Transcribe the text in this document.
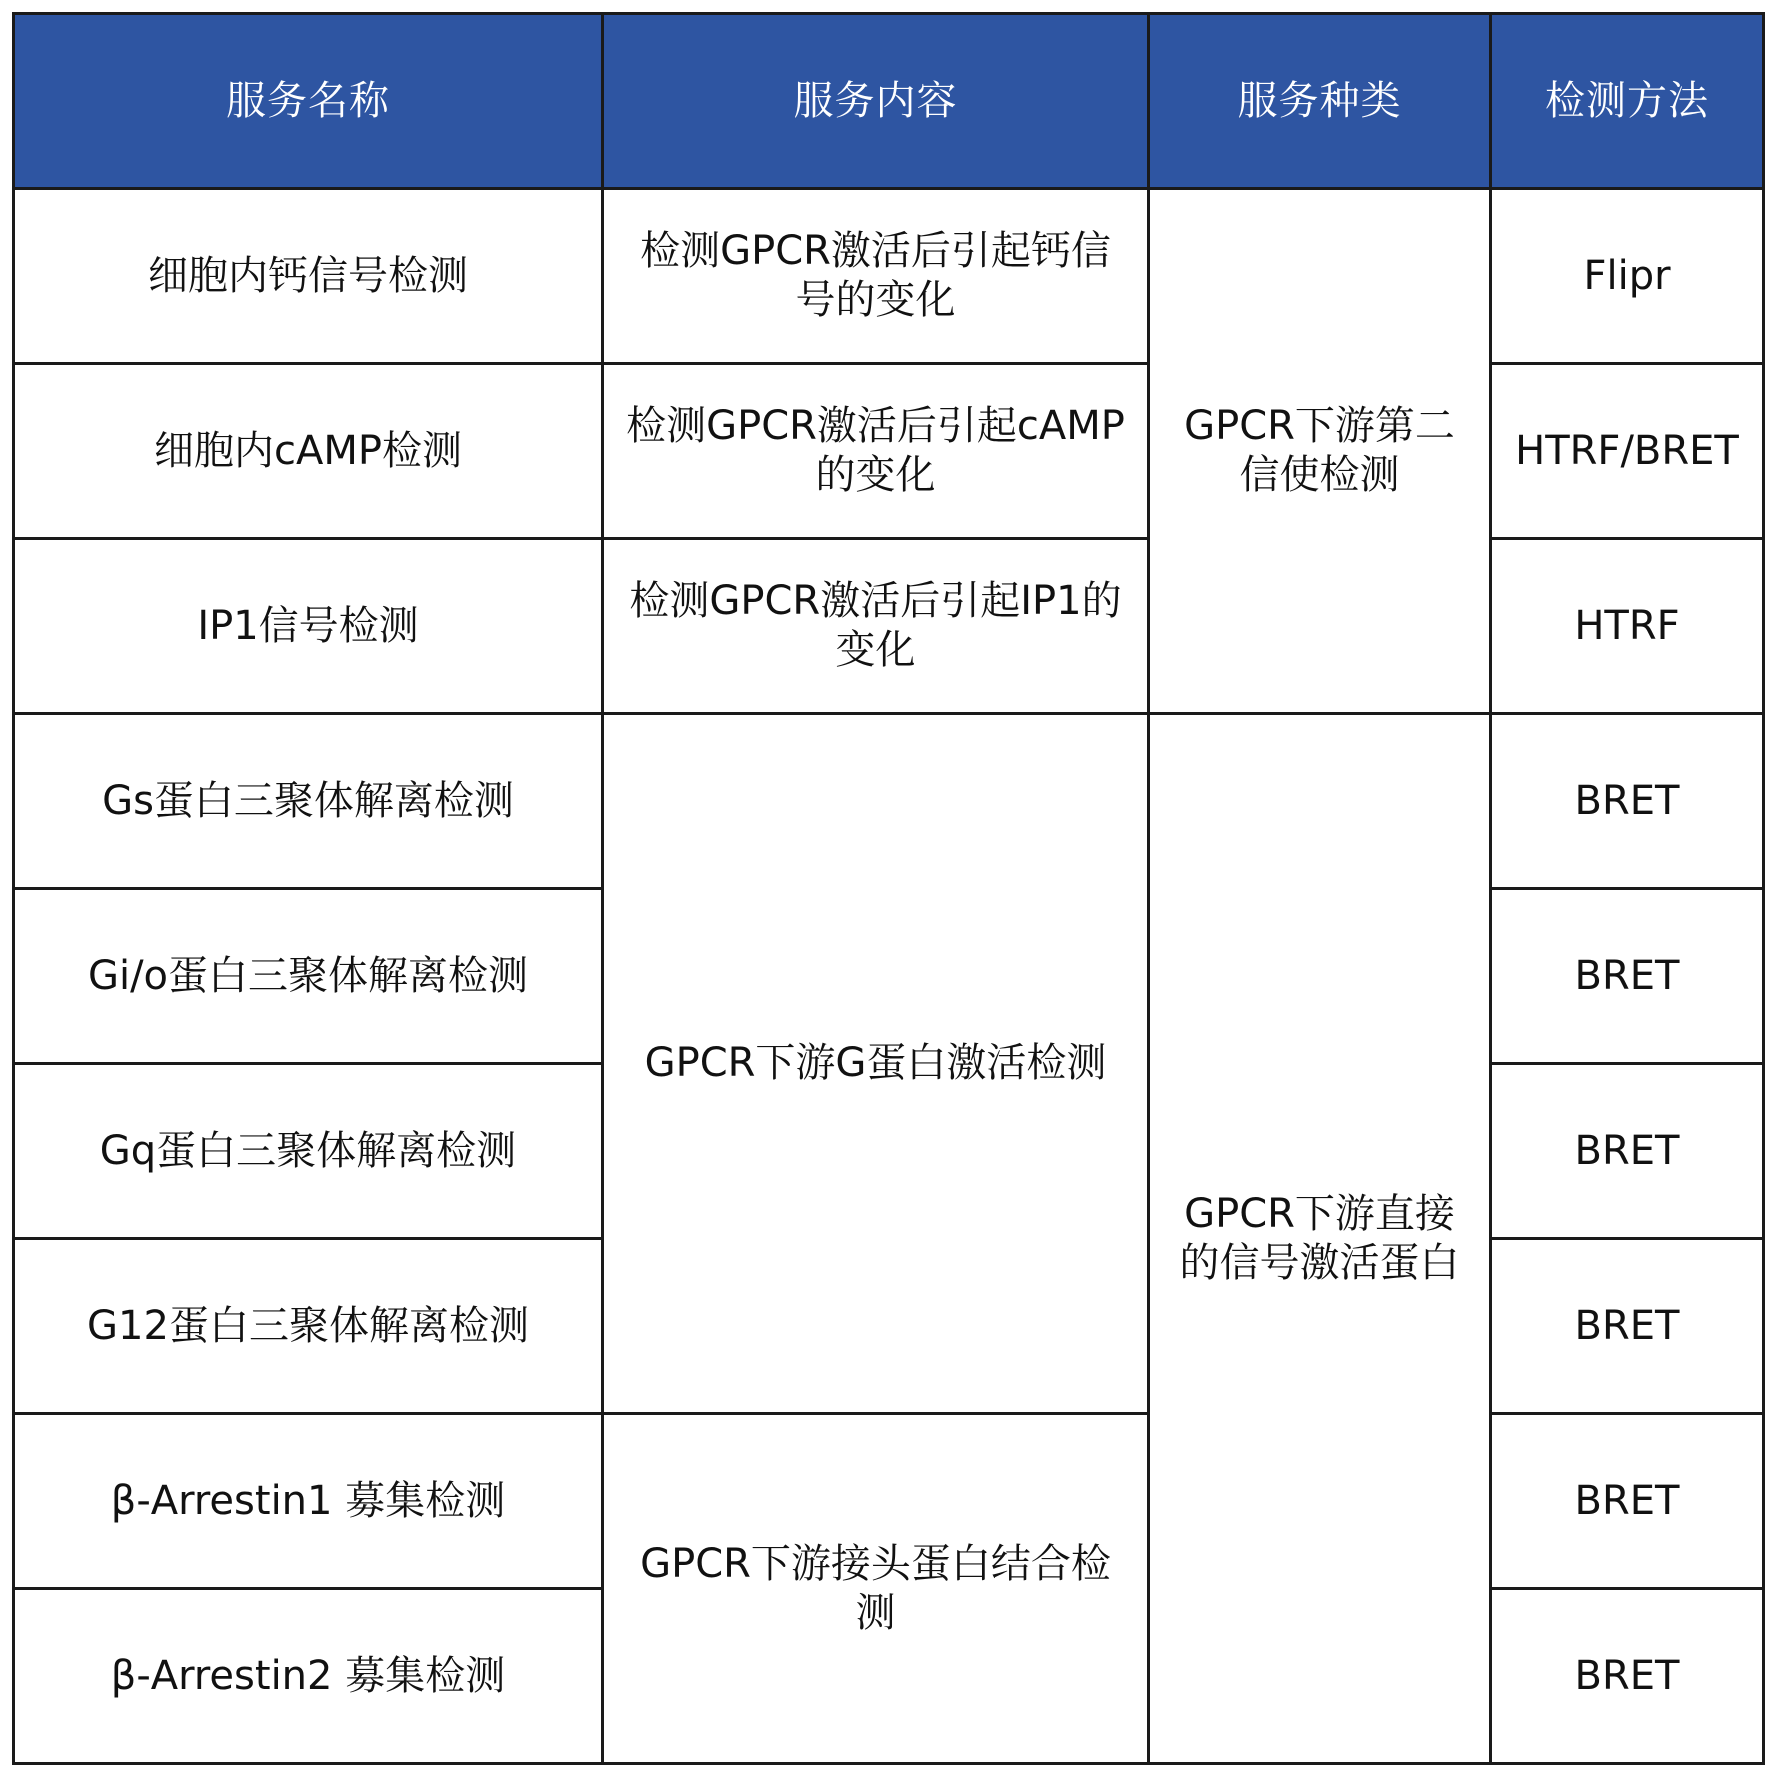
服务名称	服务内容	服务种类	检测方法
细胞内钙信号检测	检测GPCR激活后引起钙信号的变化	GPCR下游第二信使检测	Flipr
细胞内cAMP检测	检测GPCR激活后引起cAMP的变化		HTRF/BRET
IP1信号检测	检测GPCR激活后引起IP1的变化		HTRF
Gs蛋白三聚体解离检测	GPCR下游G蛋白激活检测	GPCR下游直接的信号激活蛋白	BRET
Gi/o蛋白三聚体解离检测			BRET
Gq蛋白三聚体解离检测			BRET
G12蛋白三聚体解离检测			BRET
β-Arrestin1 募集检测	GPCR下游接头蛋白结合检测		BRET
β-Arrestin2 募集检测			BRET
